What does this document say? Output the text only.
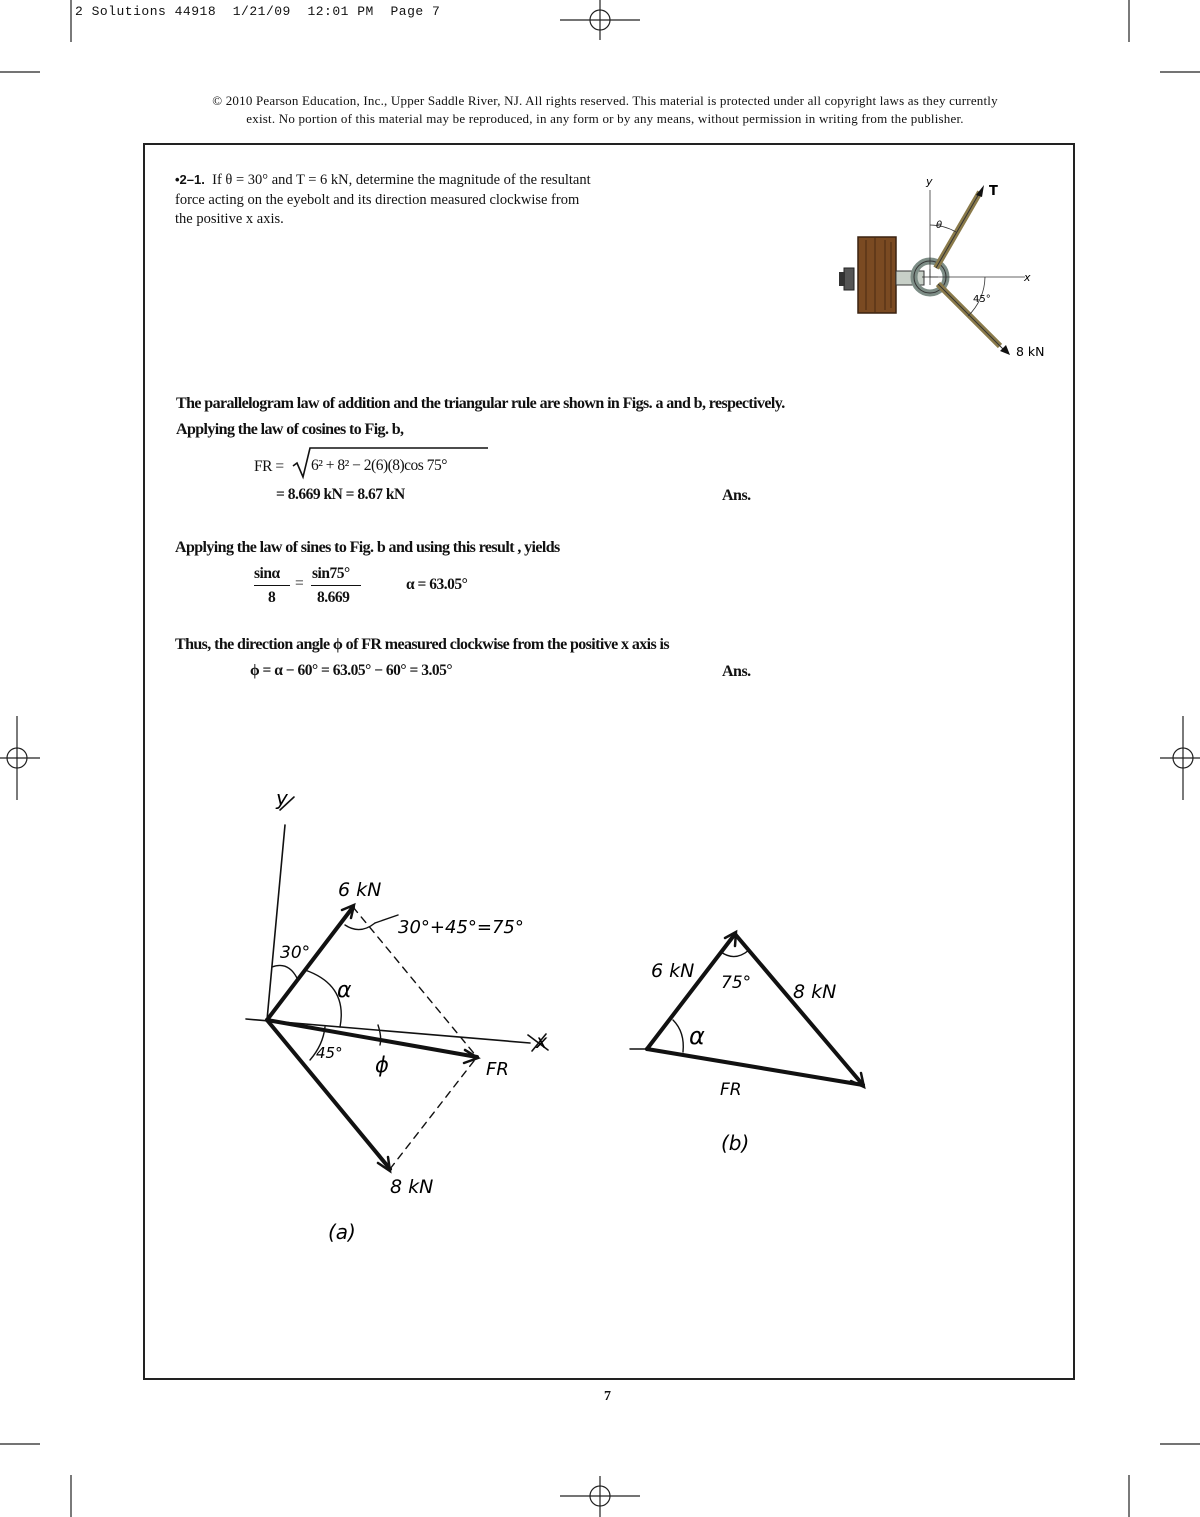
2 Solutions 44918 1/21/09 12:01 PM Page 7
© 2010 Pearson Education, Inc., Upper Saddle River, NJ. All rights reserved. This material is protected under all copyright laws as they currently
exist. No portion of this material may be reproduced, in any form or by any means, without permission in writing from the publisher.
•2–1. If θ = 30° and T = 6 kN, determine the magnitude of the resultant force acting on the eyebolt and its direction measured clockwise from the positive x axis.
y
x
T
θ
45°
8 kN
The parallelogram law of addition and the triangular rule are shown in Figs. a and b, respectively.
Applying the law of cosines to Fig. b,
FR = 6² + 8² − 2(6)(8)cos 75°
= 8.669 kN = 8.67 kN	Ans.
Applying the law of sines to Fig. b and using this result , yields
sinα
8
=
sin75°
8.669
α = 63.05°
Thus, the direction angle ϕ of FR measured clockwise from the positive x axis is
ϕ = α − 60° = 63.05° − 60° = 3.05°	Ans.
y
x
6 kN
30°+45°=75°
30°
α
45° ϕ	FR
8 kN
(a)
6 kN
75° 8 kN
α
FR
(b)
7
